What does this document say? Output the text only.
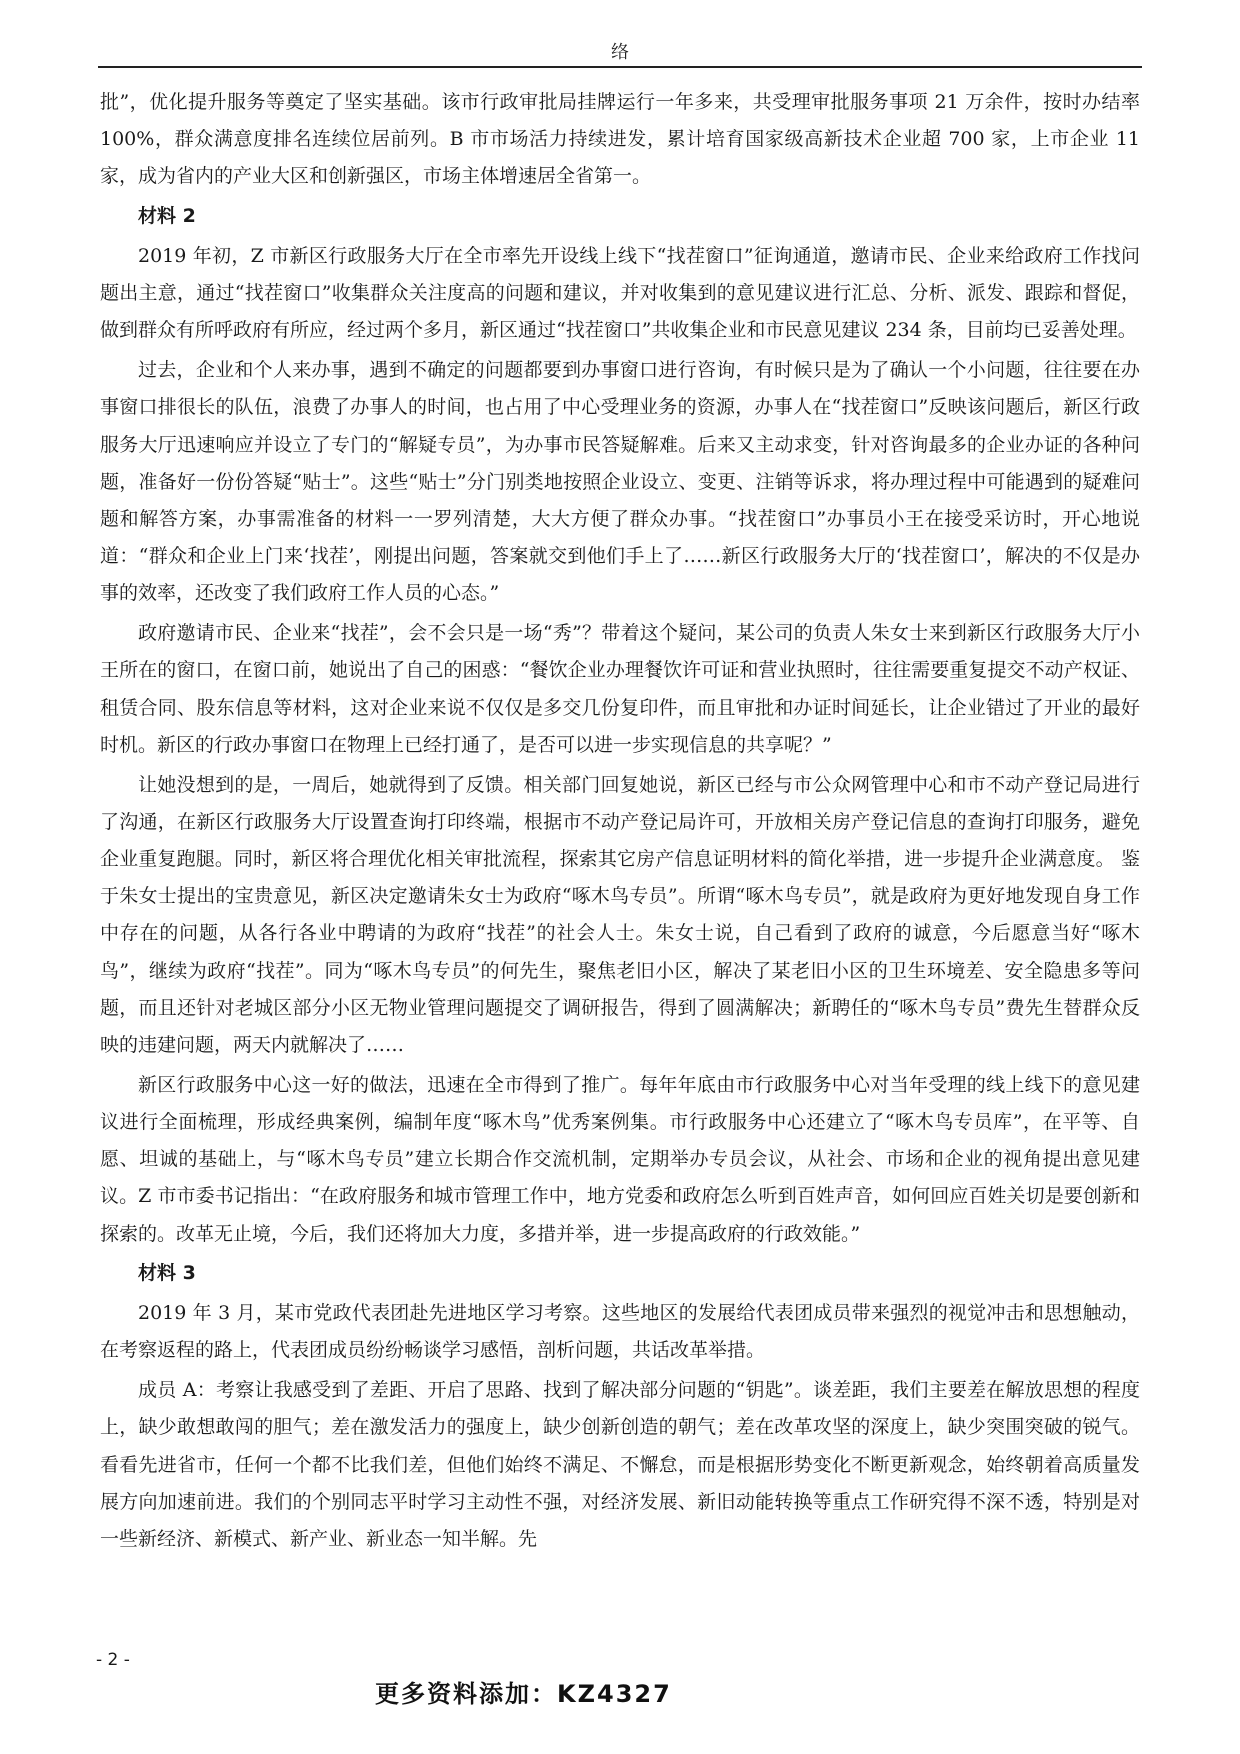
络

批”，优化提升服务等奠定了坚实基础。该市行政审批局挂牌运行一年多来，共受理审批服务事项 21 万余件，按时办结率 100%，群众满意度排名连续位居前列。B 市市场活力持续进发，累计培育国家级高新技术企业超 700 家，上市企业 11 家，成为省内的产业大区和创新强区，市场主体增速居全省第一。

材料 2

2019 年初，Z 市新区行政服务大厅在全市率先开设线上线下“找茬窗口”征询通道，邀请市民、企业来给政府工作找问题出主意，通过“找茬窗口”收集群众关注度高的问题和建议，并对收集到的意见建议进行汇总、分析、派发、跟踪和督促，做到群众有所呼政府有所应，经过两个多月，新区通过“找茬窗口”共收集企业和市民意见建议 234 条，目前均已妥善处理。

过去，企业和个人来办事，遇到不确定的问题都要到办事窗口进行咨询，有时候只是为了确认一个小问题，往往要在办事窗口排很长的队伍，浪费了办事人的时间，也占用了中心受理业务的资源，办事人在“找茬窗口”反映该问题后，新区行政服务大厅迅速响应并设立了专门的“解疑专员”，为办事市民答疑解难。后来又主动求变，针对咨询最多的企业办证的各种问题，准备好一份份答疑“贴士”。这些“贴士”分门别类地按照企业设立、变更、注销等诉求，将办理过程中可能遇到的疑难问题和解答方案，办事需准备的材料一一罗列清楚，大大方便了群众办事。“找茬窗口”办事员小王在接受采访时，开心地说道：“群众和企业上门来‘找茬’，刚提出问题，答案就交到他们手上了……新区行政服务大厅的‘找茬窗口’，解决的不仅是办事的效率，还改变了我们政府工作人员的心态。”

政府邀请市民、企业来“找茬”，会不会只是一场“秀”？带着这个疑问，某公司的负责人朱女士来到新区行政服务大厅小王所在的窗口，在窗口前，她说出了自己的困惑：“餐饮企业办理餐饮许可证和营业执照时，往往需要重复提交不动产权证、租赁合同、股东信息等材料，这对企业来说不仅仅是多交几份复印件，而且审批和办证时间延长，让企业错过了开业的最好时机。新区的行政办事窗口在物理上已经打通了，是否可以进一步实现信息的共享呢？”

让她没想到的是，一周后，她就得到了反馈。相关部门回复她说，新区已经与市公众网管理中心和市不动产登记局进行了沟通，在新区行政服务大厅设置查询打印终端，根据市不动产登记局许可，开放相关房产登记信息的查询打印服务，避免企业重复跑腿。同时，新区将合理优化相关审批流程，探索其它房产信息证明材料的简化举措，进一步提升企业满意度。 鉴于朱女士提出的宝贵意见，新区决定邀请朱女士为政府“啄木鸟专员”。所谓“啄木鸟专员”，就是政府为更好地发现自身工作中存在的问题，从各行各业中聘请的为政府“找茬”的社会人士。朱女士说，自己看到了政府的诚意，今后愿意当好“啄木鸟”，继续为政府“找茬”。同为“啄木鸟专员”的何先生，聚焦老旧小区，解决了某老旧小区的卫生环境差、安全隐患多等问题，而且还针对老城区部分小区无物业管理问题提交了调研报告，得到了圆满解决；新聘任的“啄木鸟专员”费先生替群众反映的违建问题，两天内就解决了……

新区行政服务中心这一好的做法，迅速在全市得到了推广。每年年底由市行政服务中心对当年受理的线上线下的意见建议进行全面梳理，形成经典案例，编制年度“啄木鸟”优秀案例集。市行政服务中心还建立了“啄木鸟专员库”，在平等、自愿、坦诚的基础上，与“啄木鸟专员”建立长期合作交流机制，定期举办专员会议，从社会、市场和企业的视角提出意见建议。Z 市市委书记指出：“在政府服务和城市管理工作中，地方党委和政府怎么听到百姓声音，如何回应百姓关切是要创新和探索的。改革无止境，今后，我们还将加大力度，多措并举，进一步提高政府的行政效能。”

材料 3

2019 年 3 月，某市党政代表团赴先进地区学习考察。这些地区的发展给代表团成员带来强烈的视觉冲击和思想触动，在考察返程的路上，代表团成员纷纷畅谈学习感悟，剖析问题，共话改革举措。

成员 A：考察让我感受到了差距、开启了思路、找到了解决部分问题的“钥匙”。谈差距，我们主要差在解放思想的程度上，缺少敢想敢闯的胆气；差在激发活力的强度上，缺少创新创造的朝气；差在改革攻坚的深度上，缺少突围突破的锐气。看看先进省市，任何一个都不比我们差，但他们始终不满足、不懈怠，而是根据形势变化不断更新观念，始终朝着高质量发展方向加速前进。我们的个别同志平时学习主动性不强，对经济发展、新旧动能转换等重点工作研究得不深不透，特别是对一些新经济、新模式、新产业、新业态一知半解。先

- 2 -
更多资料添加：KZ4327
